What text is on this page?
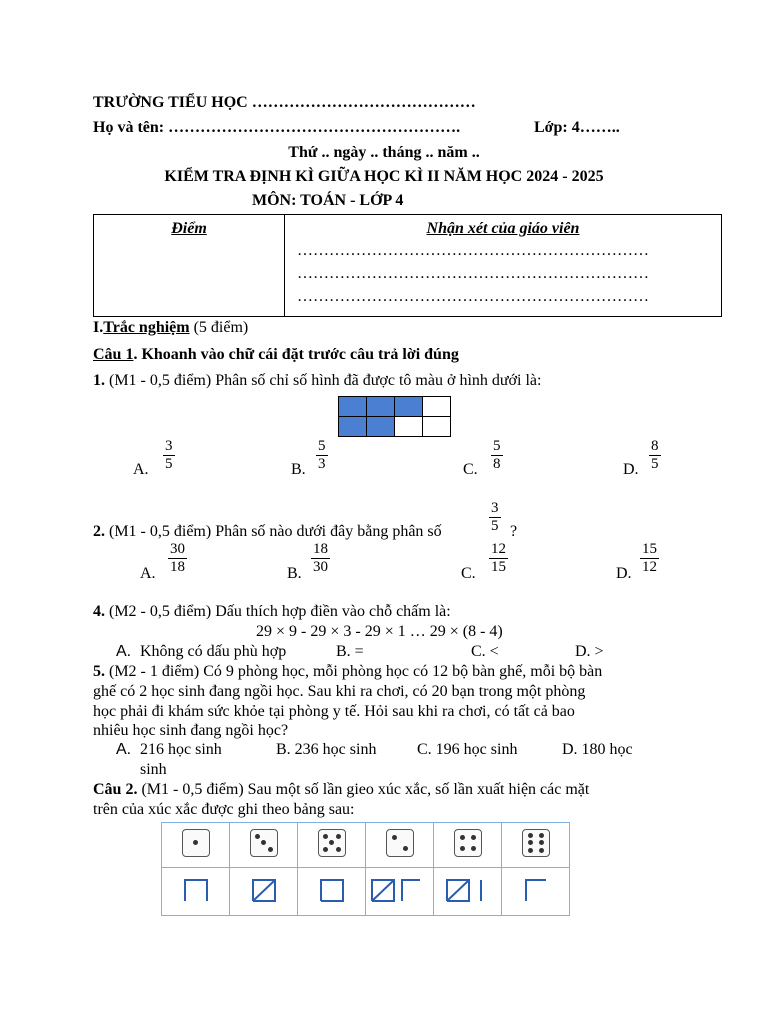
TRƯỜNG TIỂU HỌC ……………………………………
Họ và tên: ……………………………………………….	Lớp: 4……..
Thứ .. ngày .. tháng .. năm ..
KIỂM TRA ĐỊNH KÌ GIỮA HỌC KÌ II NĂM HỌC 2024 - 2025
MÔN: TOÁN - LỚP 4
Điểm	Nhận xét của giáo viên
…………………………………………………………
…………………………………………………………
…………………………………………………………
I.Trắc nghiệm (5 điểm)
Câu 1. Khoanh vào chữ cái đặt trước câu trả lời đúng
1. (M1 - 0,5 điểm) Phân số chỉ số hình đã được tô màu ở hình dưới là:

A.
3
5	B.
5
3	C.
5
8	D.
8
5
2. (M1 - 0,5 điểm) Phân số nào dưới đây bằng phân số
3
5 ?
A.
30
18	B.
18
30	C.
12
15	D.
15
12
4. (M2 - 0,5 điểm) Dấu thích hợp điền vào chỗ chấm là:
29 × 9 - 29 × 3 - 29 × 1 … 29 × (8 - 4)
A. Không có dấu phù hợp	B. =	C. <	D. >
5. (M2 - 1 điểm) Có 9 phòng học, mỗi phòng học có 12 bộ bàn ghế, mỗi bộ bàn
ghế có 2 học sinh đang ngồi học. Sau khi ra chơi, có 20 bạn trong một phòng
học phải đi khám sức khỏe tại phòng y tế. Hỏi sau khi ra chơi, có tất cả bao
nhiêu học sinh đang ngồi học?
A. 216 học sinh	B. 236 học sinh	C. 196 học sinh	D. 180 học
sinh
Câu 2. (M1 - 0,5 điểm) Sau một số lần gieo xúc xắc, số lần xuất hiện các mặt
trên của xúc xắc được ghi theo bảng sau:
